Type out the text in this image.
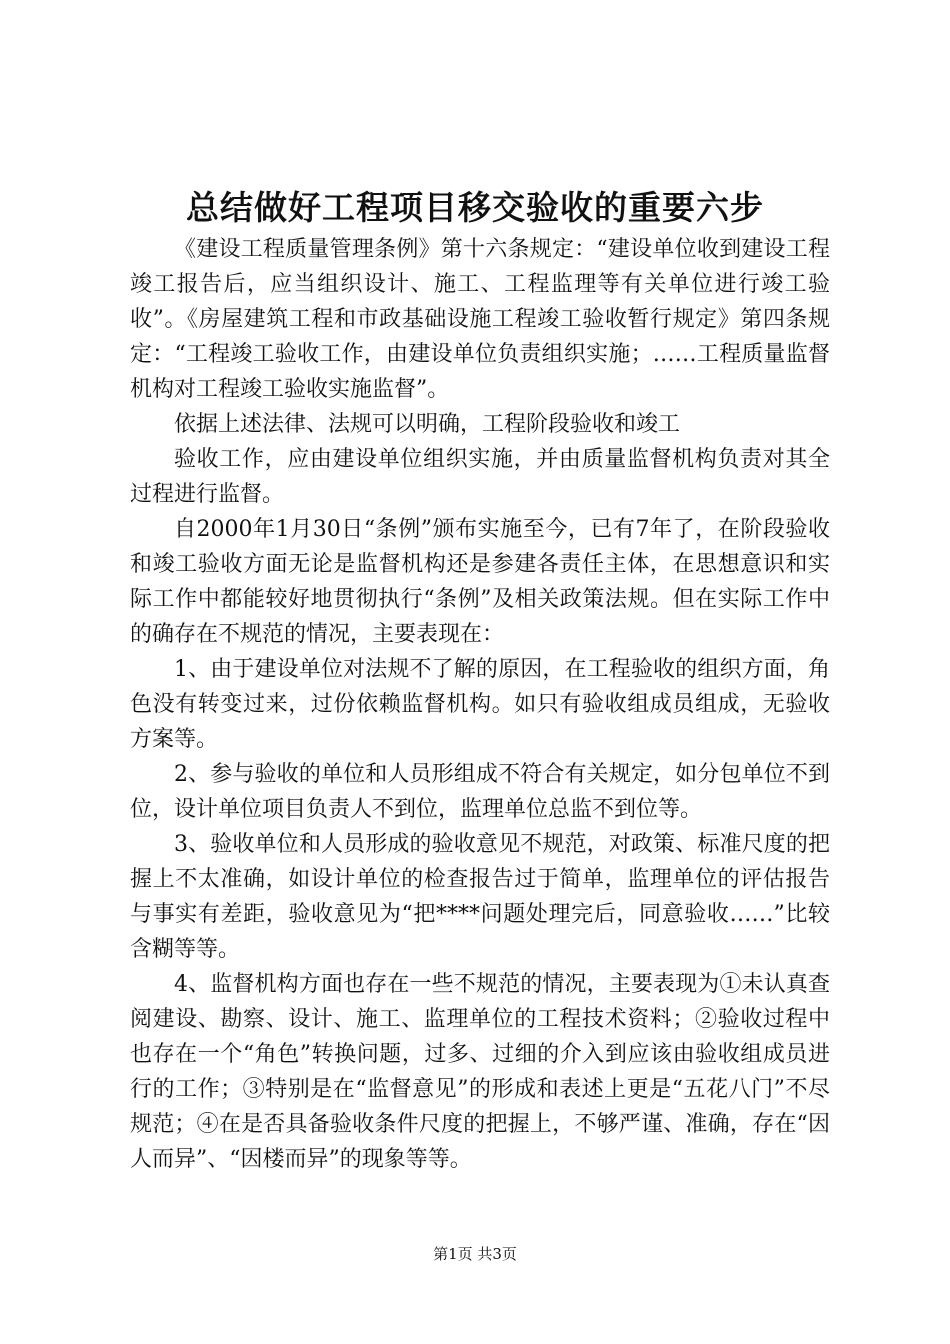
总结做好工程项目移交验收的重要六步

《建设工程质量管理条例》第十六条规定：“建设单位收到建设工程竣工报告后，应当组织设计、施工、工程监理等有关单位进行竣工验收”。《房屋建筑工程和市政基础设施工程竣工验收暂行规定》第四条规定：“工程竣工验收工作，由建设单位负责组织实施；……工程质量监督机构对工程竣工验收实施监督”。

依据上述法律、法规可以明确，工程阶段验收和竣工

验收工作，应由建设单位组织实施，并由质量监督机构负责对其全过程进行监督。

自2000年1月30日“条例”颁布实施至今，已有7年了，在阶段验收和竣工验收方面无论是监督机构还是参建各责任主体，在思想意识和实际工作中都能较好地贯彻执行“条例”及相关政策法规。但在实际工作中的确存在不规范的情况，主要表现在：

1、由于建设单位对法规不了解的原因，在工程验收的组织方面，角色没有转变过来，过份依赖监督机构。如只有验收组成员组成，无验收方案等。

2、参与验收的单位和人员形组成不符合有关规定，如分包单位不到位，设计单位项目负责人不到位，监理单位总监不到位等。

3、验收单位和人员形成的验收意见不规范，对政策、标准尺度的把握上不太准确，如设计单位的检查报告过于简单，监理单位的评估报告与事实有差距，验收意见为“把****问题处理完后，同意验收……”比较含糊等等。

4、监督机构方面也存在一些不规范的情况，主要表现为①未认真查阅建设、勘察、设计、施工、监理单位的工程技术资料；②验收过程中也存在一个“角色”转换问题，过多、过细的介入到应该由验收组成员进行的工作；③特别是在“监督意见”的形成和表述上更是“五花八门”不尽规范；④在是否具备验收条件尺度的把握上，不够严谨、准确，存在“因人而异”、“因楼而异”的现象等等。

第1页 共3页
